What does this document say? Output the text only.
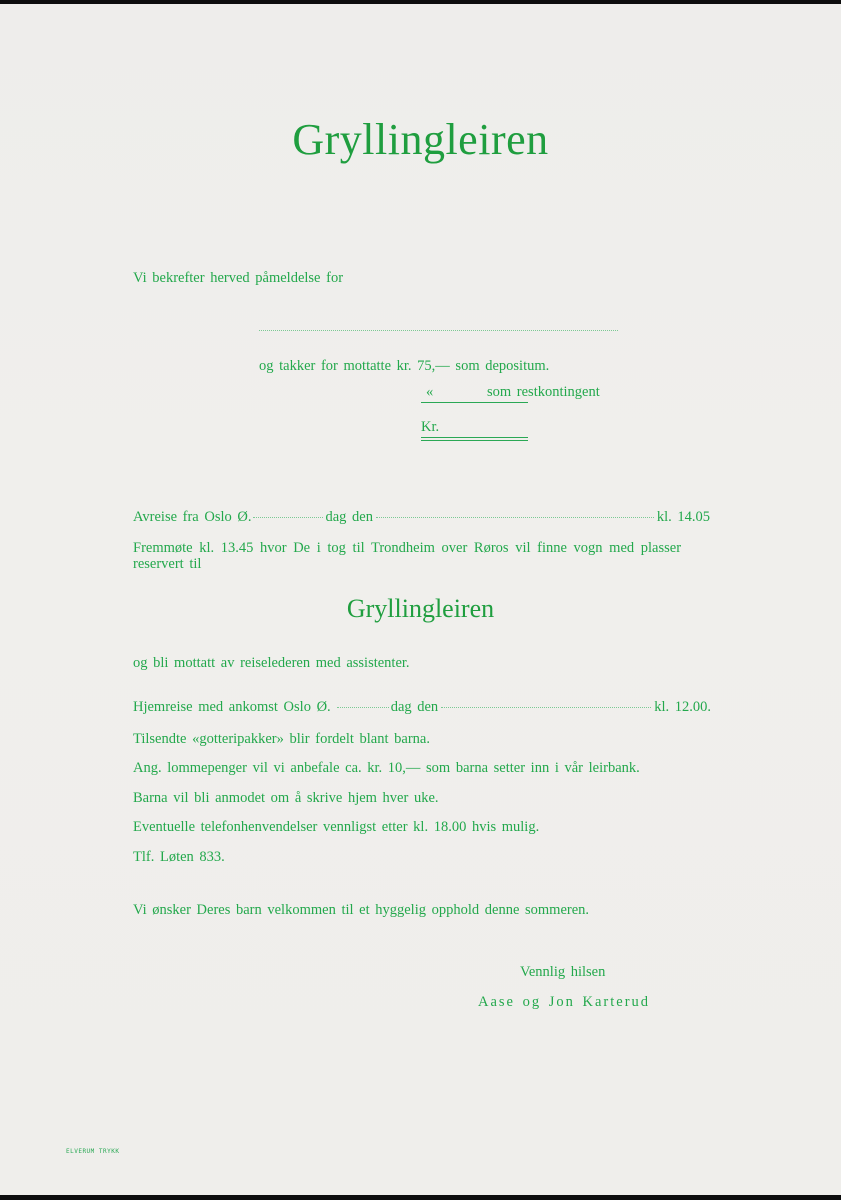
Gryllingleiren
Vi bekrefter herved påmeldelse for
og takker for mottatte kr. 75,— som depositum.
«	som restkontingent
Kr.
Avreise fra Oslo Ø.	dag den	kl. 14.05
Fremmøte kl. 13.45 hvor De i tog til Trondheim over Røros vil finne vogn med plasser
reservert til
Gryllingleiren
og bli mottatt av reiselederen med assistenter.
Hjemreise med ankomst Oslo Ø.	dag den	kl. 12.00.
Tilsendte «gotteripakker» blir fordelt blant barna.
Ang. lommepenger vil vi anbefale ca. kr. 10,— som barna setter inn i vår leirbank.
Barna vil bli anmodet om å skrive hjem hver uke.
Eventuelle telefonhenvendelser vennligst etter kl. 18.00 hvis mulig.
Tlf. Løten 833.
Vi ønsker Deres barn velkommen til et hyggelig opphold denne sommeren.
Vennlig hilsen
Aase og Jon Karterud
ELVERUM TRYKK
